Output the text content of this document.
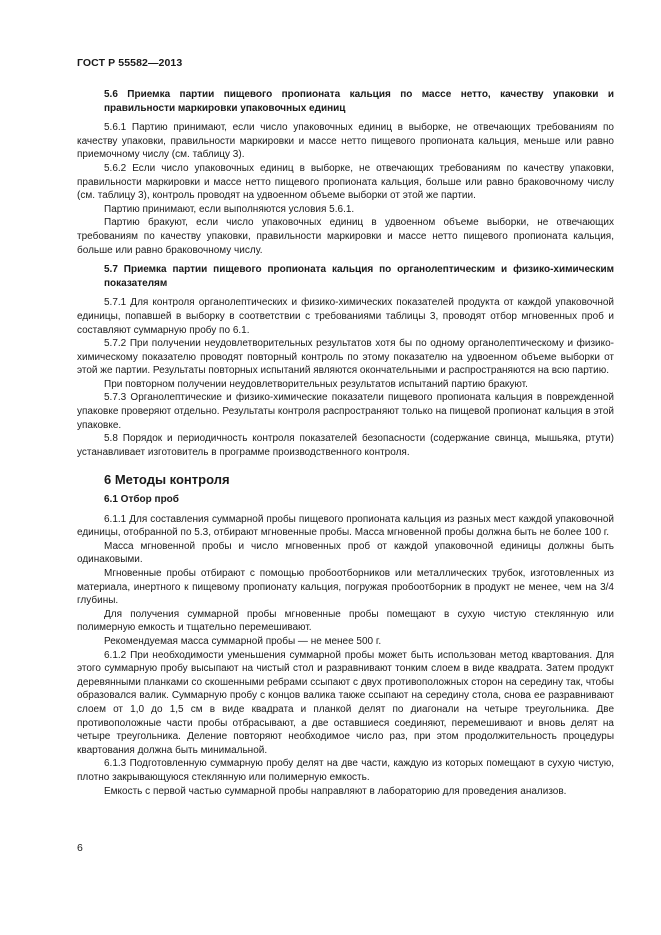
ГОСТ Р 55582—2013

5.6 Приемка партии пищевого пропионата кальция по массе нетто, качеству упаковки и правильности маркировки упаковочных единиц

5.6.1 Партию принимают, если число упаковочных единиц в выборке, не отвечающих требованиям по качеству упаковки, правильности маркировки и массе нетто пищевого пропионата кальция, меньше или равно приемочному числу (см. таблицу 3).

5.6.2 Если число упаковочных единиц в выборке, не отвечающих требованиям по качеству упаковки, правильности маркировки и массе нетто пищевого пропионата кальция, больше или равно браковочному числу (см. таблицу 3), контроль проводят на удвоенном объеме выборки от этой же партии.

Партию принимают, если выполняются условия 5.6.1.

Партию бракуют, если число упаковочных единиц в удвоенном объеме выборки, не отвечающих требованиям по качеству упаковки, правильности маркировки и массе нетто пищевого пропионата кальция, больше или равно браковочному числу.

5.7 Приемка партии пищевого пропионата кальция по органолептическим и физико-химическим показателям

5.7.1 Для контроля органолептических и физико-химических показателей продукта от каждой упаковочной единицы, попавшей в выборку в соответствии с требованиями таблицы 3, проводят отбор мгновенных проб и составляют суммарную пробу по 6.1.

5.7.2 При получении неудовлетворительных результатов хотя бы по одному органолептическому и физико-химическому показателю проводят повторный контроль по этому показателю на удвоенном объеме выборки от этой же партии. Результаты повторных испытаний являются окончательными и распространяются на всю партию.

При повторном получении неудовлетворительных результатов испытаний партию бракуют.

5.7.3 Органолептические и физико-химические показатели пищевого пропионата кальция в поврежденной упаковке проверяют отдельно. Результаты контроля распространяют только на пищевой пропионат кальция в этой упаковке.

5.8 Порядок и периодичность контроля показателей безопасности (содержание свинца, мышьяка, ртути) устанавливает изготовитель в программе производственного контроля.

6 Методы контроля

6.1 Отбор проб

6.1.1 Для составления суммарной пробы пищевого пропионата кальция из разных мест каждой упаковочной единицы, отобранной по 5.3, отбирают мгновенные пробы. Масса мгновенной пробы должна быть не более 100 г.

Масса мгновенной пробы и число мгновенных проб от каждой упаковочной единицы должны быть одинаковыми.

Мгновенные пробы отбирают с помощью пробоотборников или металлических трубок, изготовленных из материала, инертного к пищевому пропионату кальция, погружая пробоотборник в продукт не менее, чем на 3/4 глубины.

Для получения суммарной пробы мгновенные пробы помещают в сухую чистую стеклянную или полимерную емкость и тщательно перемешивают.

Рекомендуемая масса суммарной пробы — не менее 500 г.

6.1.2 При необходимости уменьшения суммарной пробы может быть использован метод квартования. Для этого суммарную пробу высыпают на чистый стол и разравнивают тонким слоем в виде квадрата. Затем продукт деревянными планками со скошенными ребрами ссыпают с двух противоположных сторон на середину так, чтобы образовался валик. Суммарную пробу с концов валика также ссыпают на середину стола, снова ее разравнивают слоем от 1,0 до 1,5 см в виде квадрата и планкой делят по диагонали на четыре треугольника. Две противоположные части пробы отбрасывают, а две оставшиеся соединяют, перемешивают и вновь делят на четыре треугольника. Деление повторяют необходимое число раз, при этом продолжительность процедуры квартования должна быть минимальной.

6.1.3 Подготовленную суммарную пробу делят на две части, каждую из которых помещают в сухую чистую, плотно закрывающуюся стеклянную или полимерную емкость.

Емкость с первой частью суммарной пробы направляют в лабораторию для проведения анализов.

6
